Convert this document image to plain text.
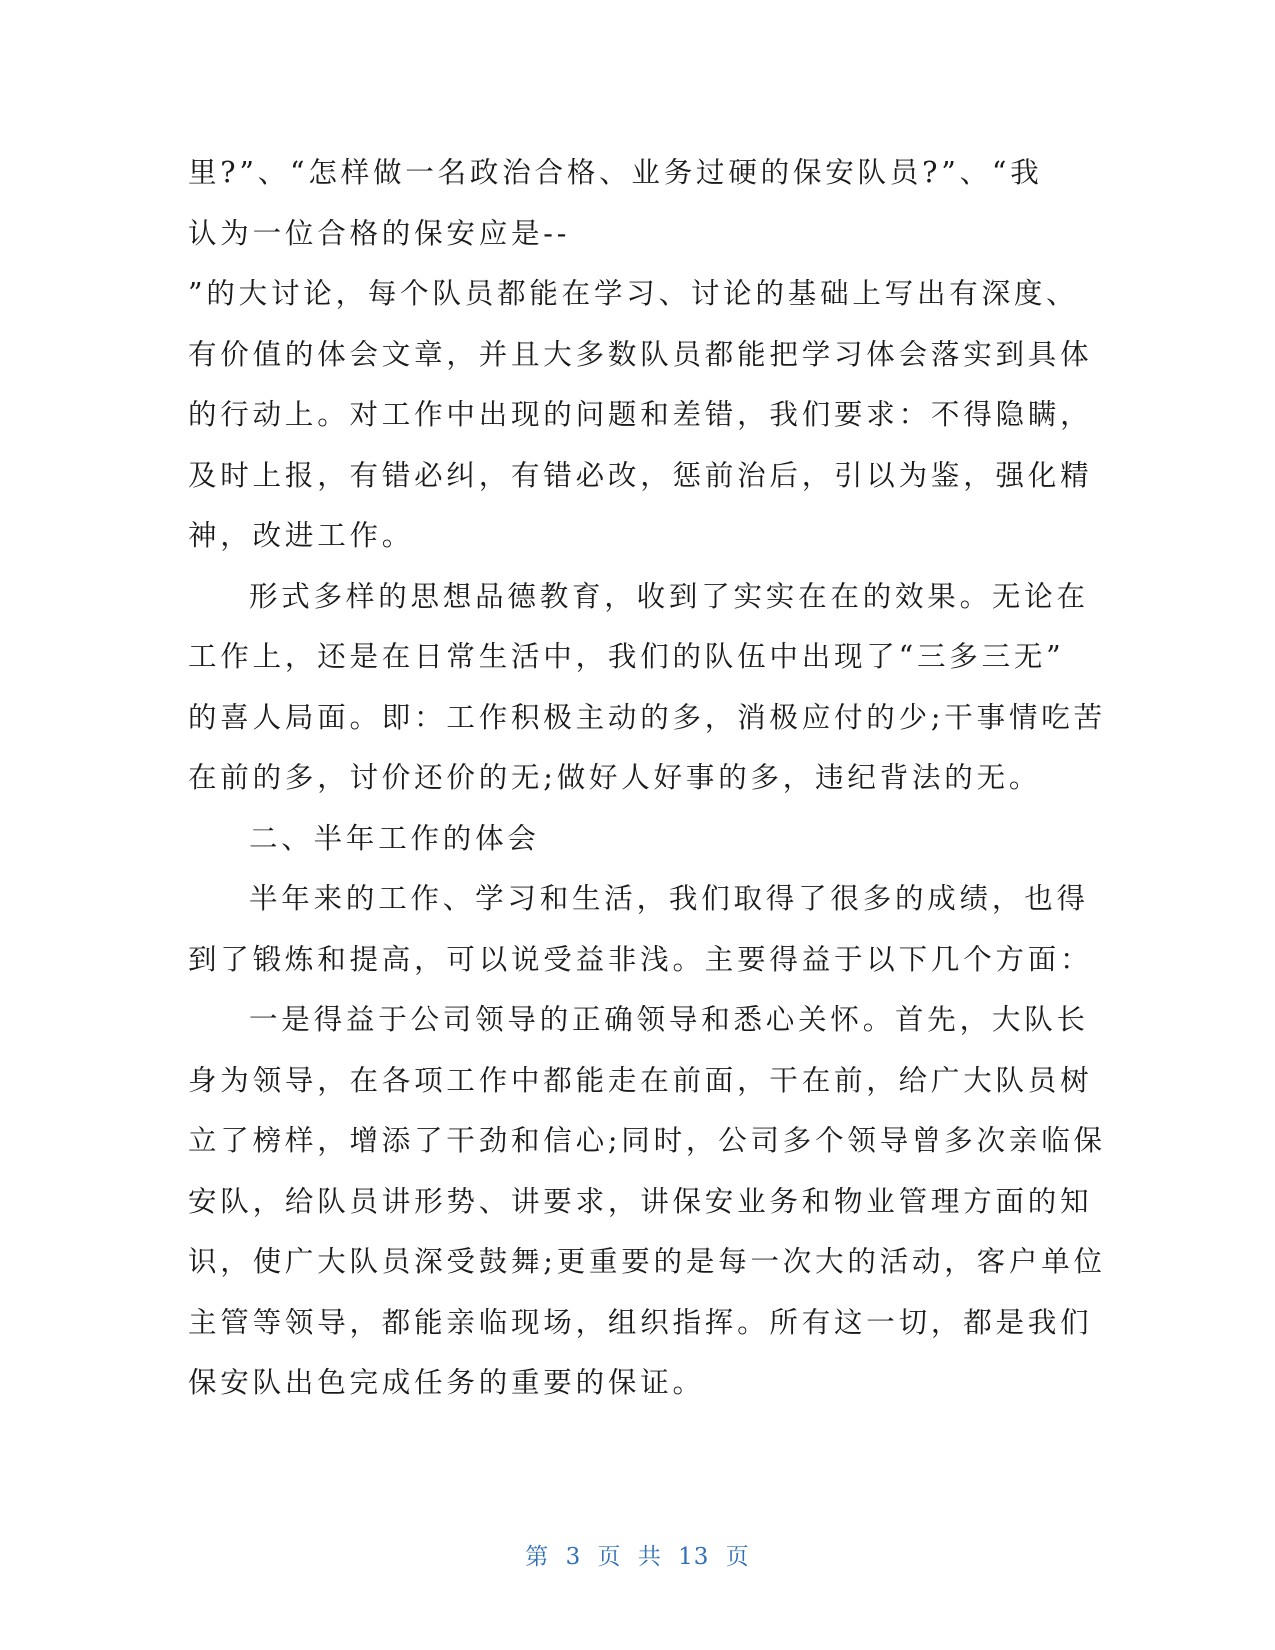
里?”、“怎样做一名政治合格、业务过硬的保安队员?”、“我
认为一位合格的保安应是--
”的大讨论，每个队员都能在学习、讨论的基础上写出有深度、
有价值的体会文章，并且大多数队员都能把学习体会落实到具体
的行动上。对工作中出现的问题和差错，我们要求：不得隐瞒，
及时上报，有错必纠，有错必改，惩前治后，引以为鉴，强化精
神，改进工作。
形式多样的思想品德教育，收到了实实在在的效果。无论在
工作上，还是在日常生活中，我们的队伍中出现了“三多三无”
的喜人局面。即：工作积极主动的多，消极应付的少;干事情吃苦
在前的多，讨价还价的无;做好人好事的多，违纪背法的无。
二、半年工作的体会
半年来的工作、学习和生活，我们取得了很多的成绩，也得
到了锻炼和提高，可以说受益非浅。主要得益于以下几个方面：
一是得益于公司领导的正确领导和悉心关怀。首先，大队长
身为领导，在各项工作中都能走在前面，干在前，给广大队员树
立了榜样，增添了干劲和信心;同时，公司多个领导曾多次亲临保
安队，给队员讲形势、讲要求，讲保安业务和物业管理方面的知
识，使广大队员深受鼓舞;更重要的是每一次大的活动，客户单位
主管等领导，都能亲临现场，组织指挥。所有这一切，都是我们
保安队出色完成任务的重要的保证。
第 3 页 共 13 页
